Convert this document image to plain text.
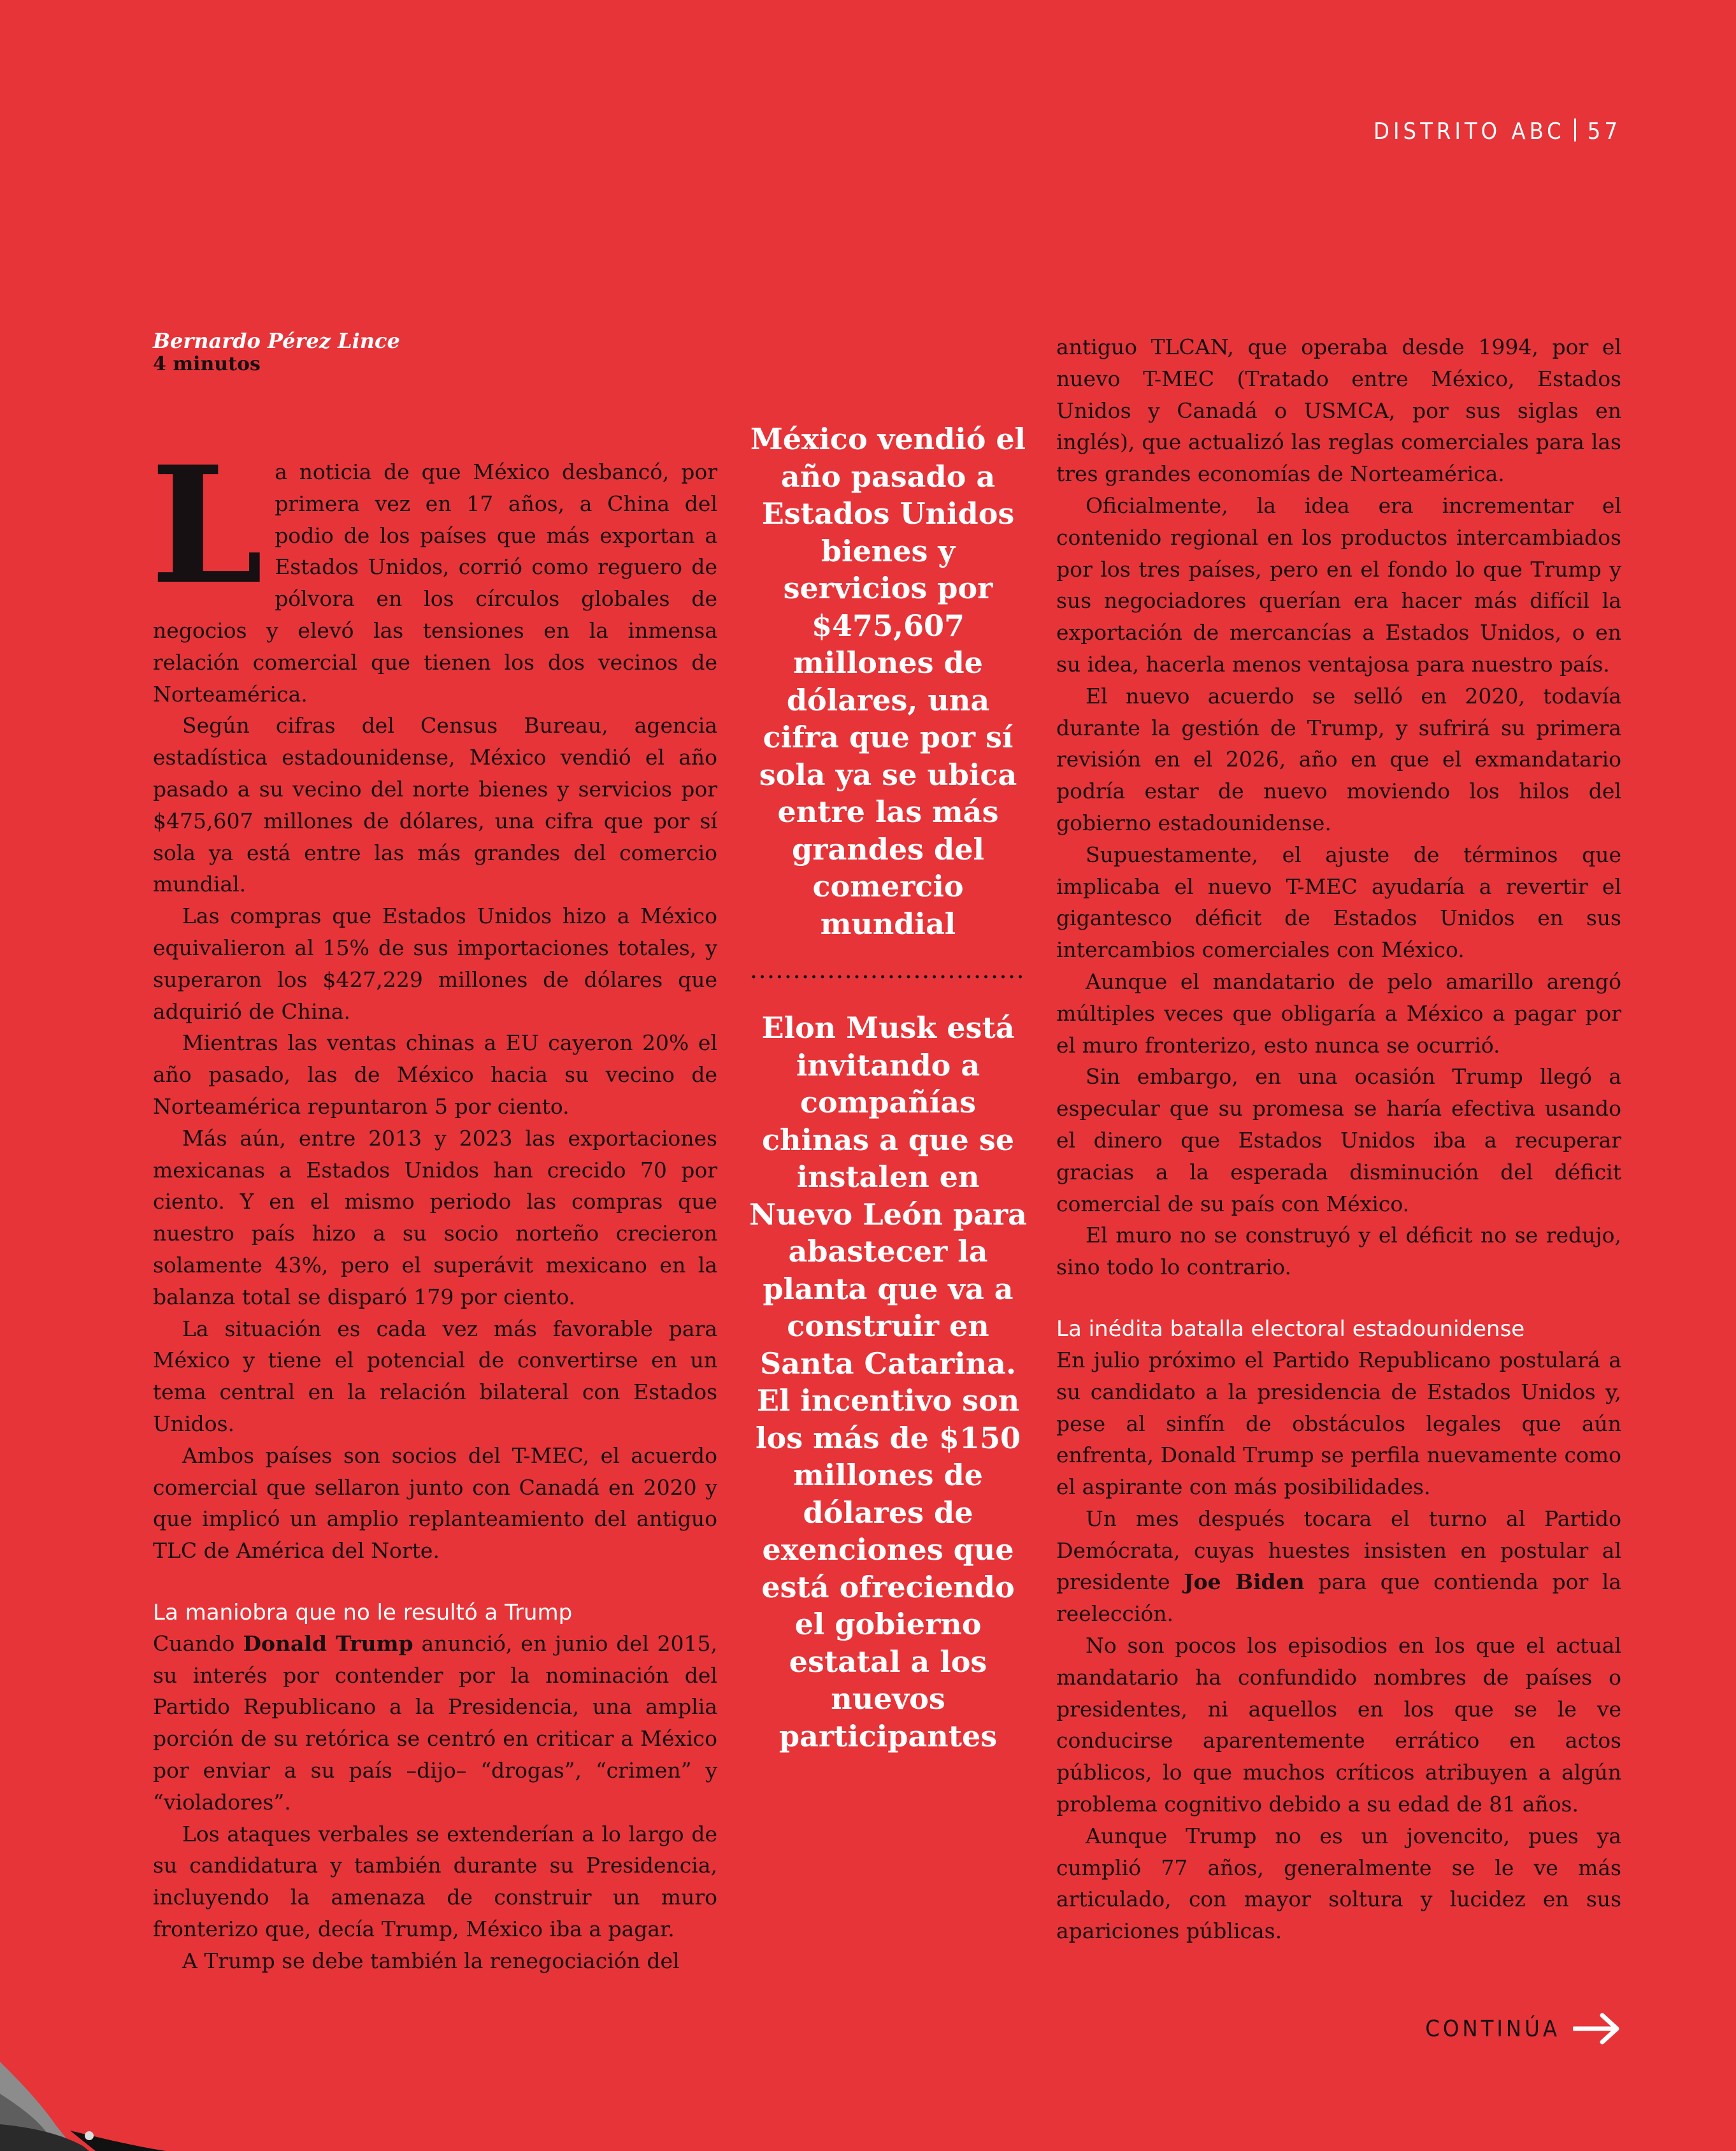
DISTRITO ABC 57
Bernardo Pérez Lince
4 minutos

La noticia de que México desbancó, por primera vez en 17 años, a China del podio de los países que más exportan a Estados Unidos, corrió como reguero de pólvora en los círculos globales de negocios y elevó las tensiones en la inmensa relación comercial que tienen los dos vecinos de Norteamérica.

Según cifras del Census Bureau, agencia estadística estadounidense, México vendió el año pasado a su vecino del norte bienes y servicios por $475,607 millones de dólares, una cifra que por sí sola ya está entre las más grandes del comercio mundial.

Las compras que Estados Unidos hizo a México equivalieron al 15% de sus importaciones totales, y superaron los $427,229 millones de dólares que adquirió de China.

Mientras las ventas chinas a EU cayeron 20% el año pasado, las de México hacia su vecino de Norteamérica repuntaron 5 por ciento.

Más aún, entre 2013 y 2023 las exportaciones mexicanas a Estados Unidos han crecido 70 por ciento. Y en el mismo periodo las compras que nuestro país hizo a su socio norteño crecieron solamente 43%, pero el superávit mexicano en la balanza total se disparó 179 por ciento.

La situación es cada vez más favorable para México y tiene el potencial de convertirse en un tema central en la relación bilateral con Estados Unidos.

Ambos países son socios del T-MEC, el acuerdo comercial que sellaron junto con Canadá en 2020 y que implicó un amplio replanteamiento del antiguo TLC de América del Norte.

La maniobra que no le resultó a Trump

Cuando Donald Trump anunció, en junio del 2015, su interés por contender por la nominación del Partido Republicano a la Presidencia, una amplia porción de su retórica se centró en criticar a México por enviar a su país –dijo– “drogas”, “crimen” y “violadores”.

Los ataques verbales se extenderían a lo largo de su candidatura y también durante su Presidencia, incluyendo la amenaza de construir un muro fronterizo que, decía Trump, México iba a pagar.

A Trump se debe también la renegociación del

México vendió el año pasado a Estados Unidos bienes y servicios por $475,607 millones de dólares, una cifra que por sí sola ya se ubica entre las más grandes del comercio mundial
Elon Musk está invitando a compañías chinas a que se instalen en Nuevo León para abastecer la planta que va a construir en Santa Catarina. El incentivo son los más de $150 millones de dólares de exenciones que está ofreciendo el gobierno estatal a los nuevos participantes

antiguo TLCAN, que operaba desde 1994, por el nuevo T-MEC (Tratado entre México, Estados Unidos y Canadá o USMCA, por sus siglas en inglés), que actualizó las reglas comerciales para las tres grandes economías de Norteamérica.

Oficialmente, la idea era incrementar el contenido regional en los productos intercambiados por los tres países, pero en el fondo lo que Trump y sus negociadores querían era hacer más difícil la exportación de mercancías a Estados Unidos, o en su idea, hacerla menos ventajosa para nuestro país.

El nuevo acuerdo se selló en 2020, todavía durante la gestión de Trump, y sufrirá su primera revisión en el 2026, año en que el exmandatario podría estar de nuevo moviendo los hilos del gobierno estadounidense.

Supuestamente, el ajuste de términos que implicaba el nuevo T-MEC ayudaría a revertir el gigantesco déficit de Estados Unidos en sus intercambios comerciales con México.

Aunque el mandatario de pelo amarillo arengó múltiples veces que obligaría a México a pagar por el muro fronterizo, esto nunca se ocurrió.

Sin embargo, en una ocasión Trump llegó a especular que su promesa se haría efectiva usando el dinero que Estados Unidos iba a recuperar gracias a la esperada disminución del déficit comercial de su país con México.

El muro no se construyó y el déficit no se redujo, sino todo lo contrario.

La inédita batalla electoral estadounidense

En julio próximo el Partido Republicano postulará a su candidato a la presidencia de Estados Unidos y, pese al sinfín de obstáculos legales que aún enfrenta, Donald Trump se perfila nuevamente como el aspirante con más posibilidades.

Un mes después tocara el turno al Partido Demócrata, cuyas huestes insisten en postular al presidente Joe Biden para que contienda por la reelección.

No son pocos los episodios en los que el actual mandatario ha confundido nombres de países o presidentes, ni aquellos en los que se le ve conducirse aparentemente errático en actos públicos, lo que muchos críticos atribuyen a algún problema cognitivo debido a su edad de 81 años.

Aunque Trump no es un jovencito, pues ya cumplió 77 años, generalmente se le ve más articulado, con mayor soltura y lucidez en sus apariciones públicas.

CONTINÚA
